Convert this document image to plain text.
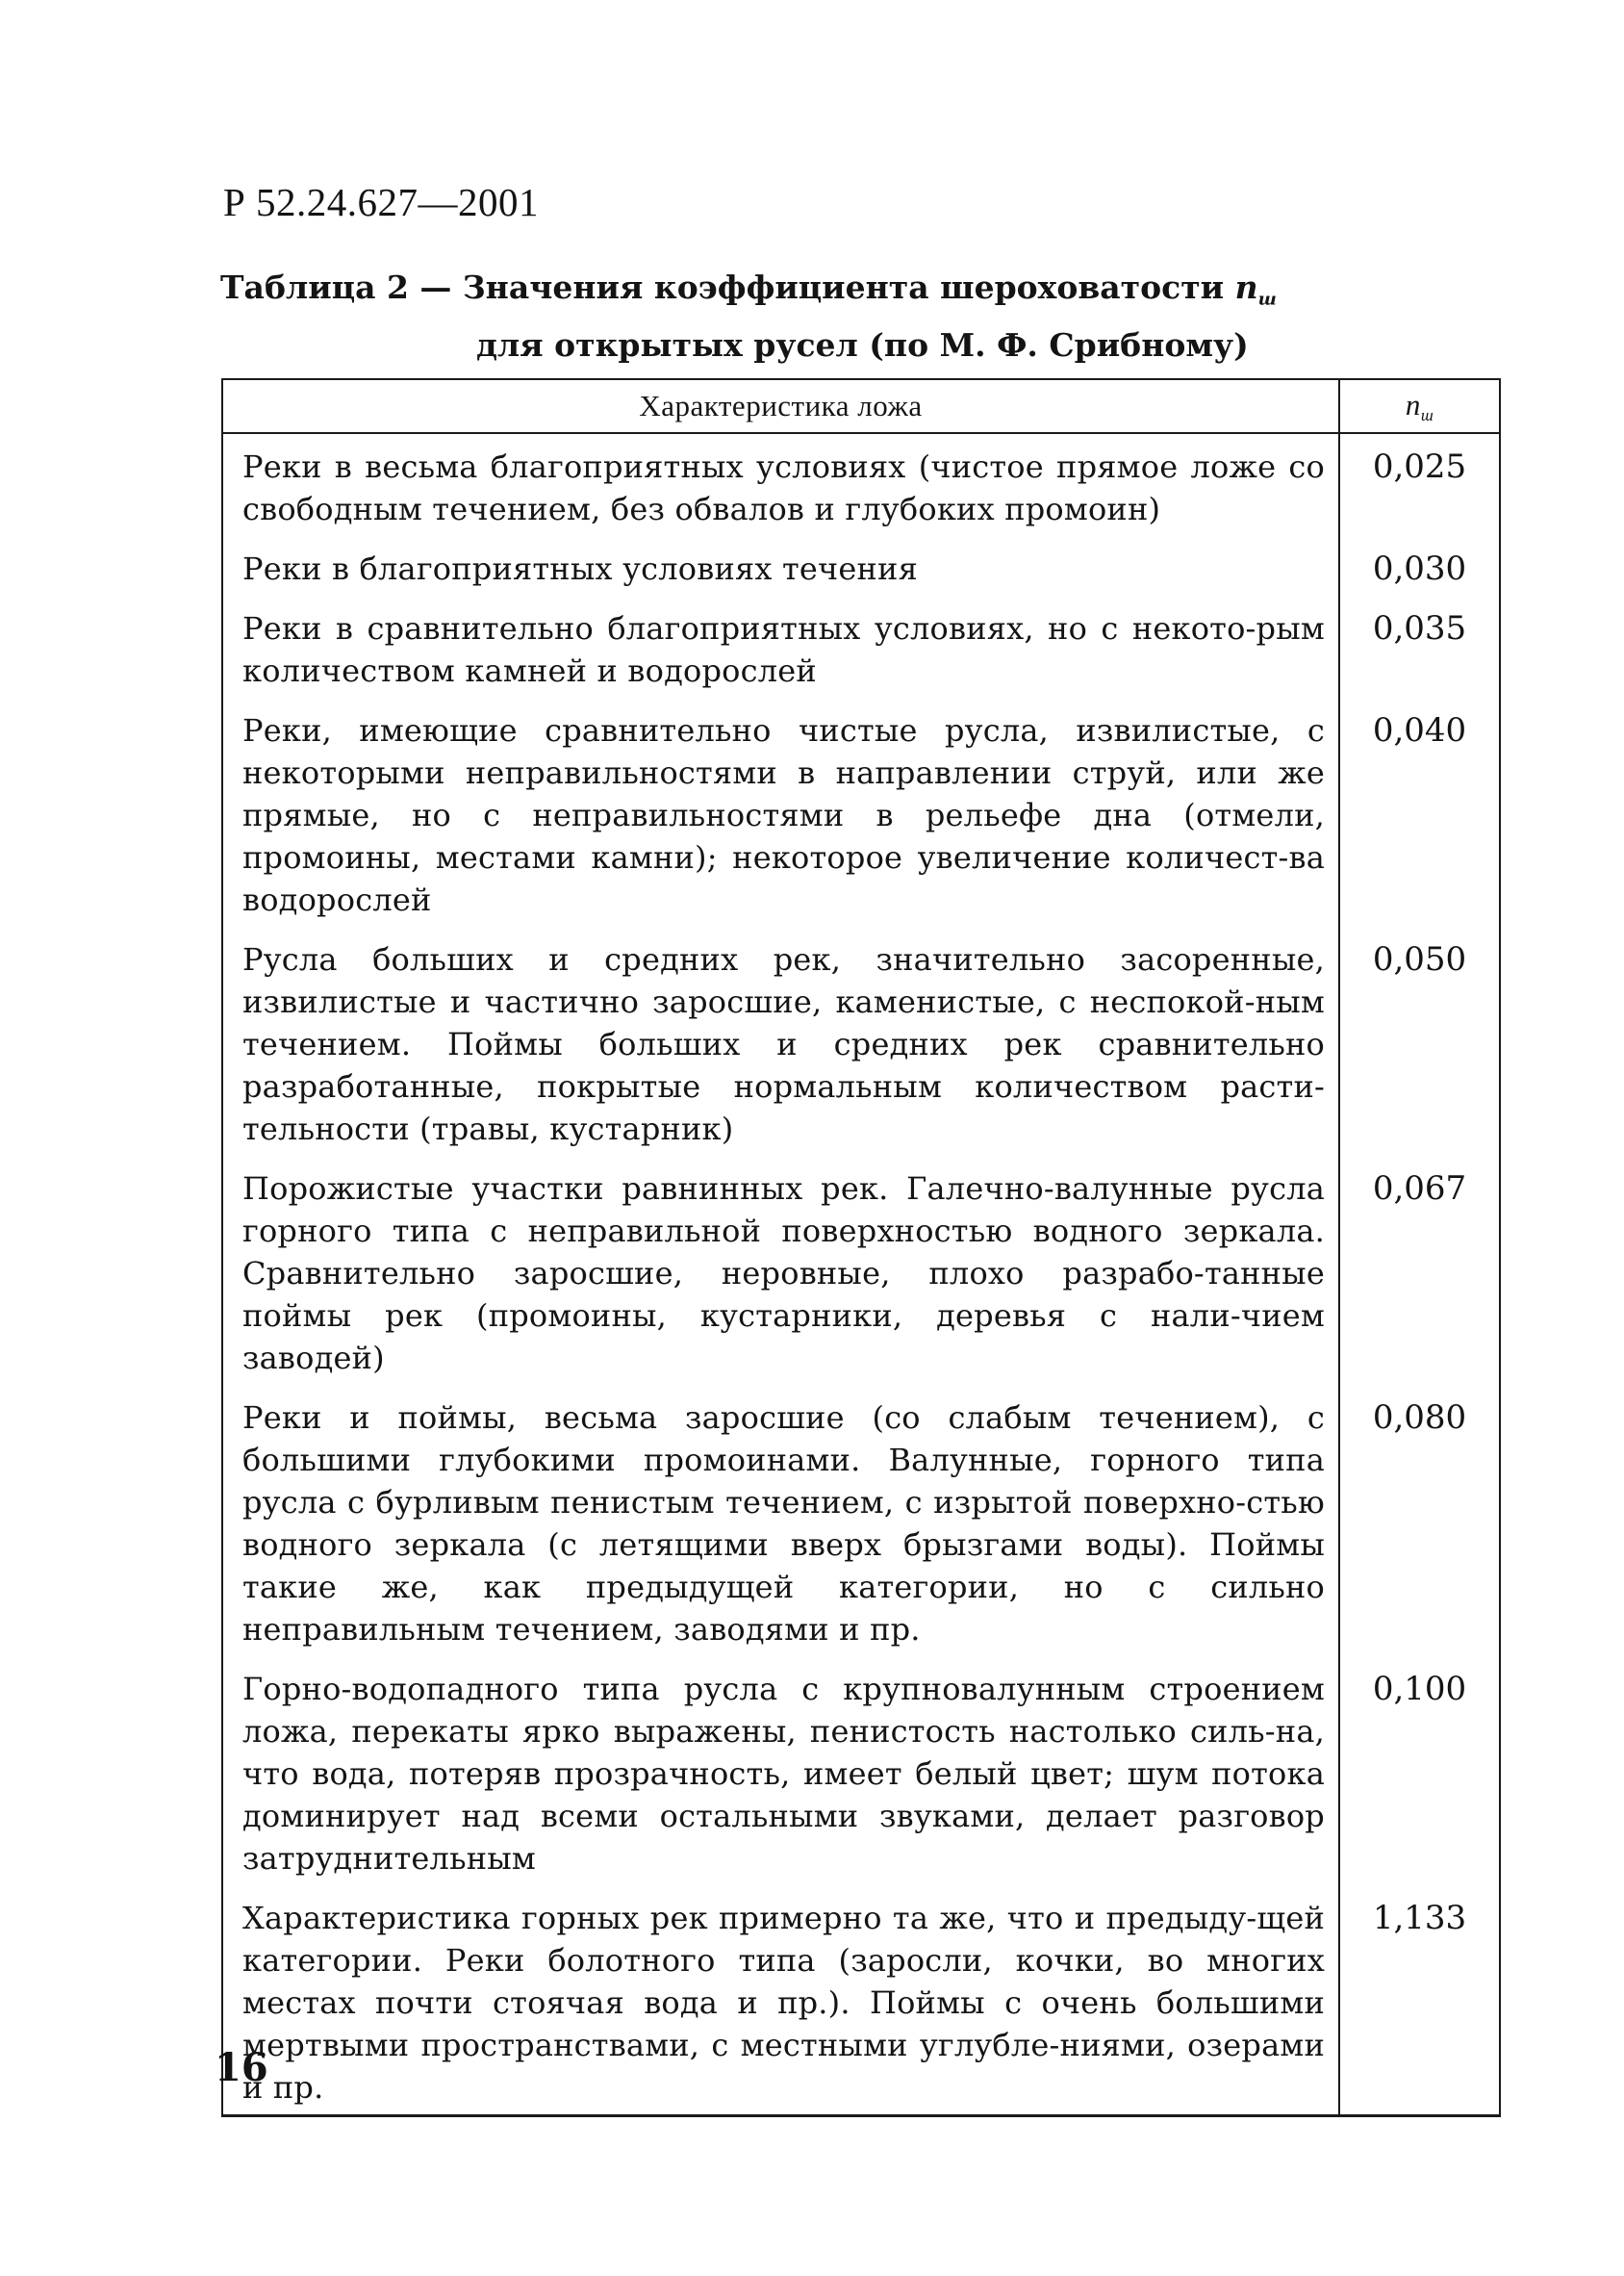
Р 52.24.627—2001
Таблица 2 — Значения коэффициента шероховатости nш
для открытых русел (по М. Ф. Срибному)
Характеристика ложа	nш
Реки в весьма благоприятных условиях (чистое прямое ложе со свободным течением, без обвалов и глубоких промоин)	0,025
Реки в благоприятных условиях течения	0,030
Реки в сравнительно благоприятных условиях, но с некото-рым количеством камней и водорослей	0,035
Реки, имеющие сравнительно чистые русла, извилистые, с некоторыми неправильностями в направлении струй, или же прямые, но с неправильностями в рельефе дна (отмели, промоины, местами камни); некоторое увеличение количест-ва водорослей	0,040
Русла больших и средних рек, значительно засоренные, извилистые и частично заросшие, каменистые, с неспокой-ным течением. Поймы больших и средних рек сравнительно разработанные, покрытые нормальным количеством расти-тельности (травы, кустарник)	0,050
Порожистые участки равнинных рек. Галечно-валунные русла горного типа с неправильной поверхностью водного зеркала. Сравнительно заросшие, неровные, плохо разрабо-танные поймы рек (промоины, кустарники, деревья с нали-чием заводей)	0,067
Реки и поймы, весьма заросшие (со слабым течением), с большими глубокими промоинами. Валунные, горного типа русла с бурливым пенистым течением, с изрытой поверхно-стью водного зеркала (с летящими вверх брызгами воды). Поймы такие же, как предыдущей категории, но с сильно неправильным течением, заводями и пр.	0,080
Горно-водопадного типа русла с крупновалунным строением ложа, перекаты ярко выражены, пенистость настолько силь-на, что вода, потеряв прозрачность, имеет белый цвет; шум потока доминирует над всеми остальными звуками, делает разговор затруднительным	0,100
Характеристика горных рек примерно та же, что и предыду-щей категории. Реки болотного типа (заросли, кочки, во многих местах почти стоячая вода и пр.). Поймы с очень большими мертвыми пространствами, с местными углубле-ниями, озерами и пр.	1,133
16
